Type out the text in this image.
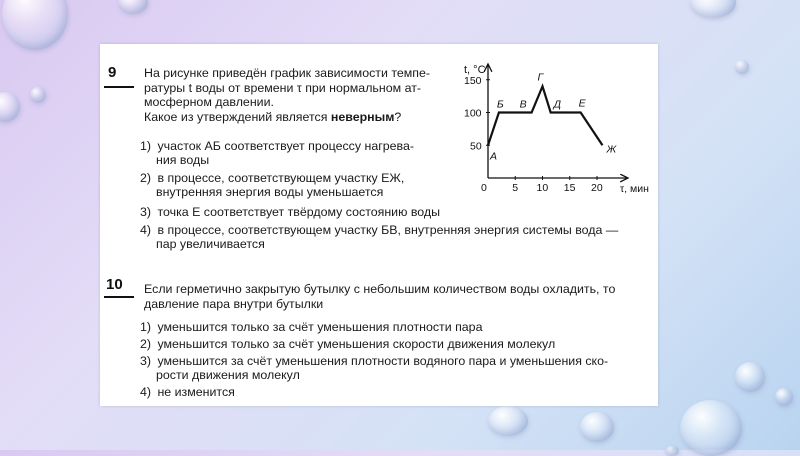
9 На рисунке приведён график зависимости темпе-
ратуры t воды от времени τ при нормальном ат-
мосферном давлении.
Какое из утверждений является неверным?

1) участок АБ соответствует процессу нагрева-
ния воды
2) в процессе, соответствующем участку ЕЖ,
внутренняя энергия воды уменьшается
3) точка Е соответствует твёрдому состоянию воды
4) в процессе, соответствующем участку БВ, внутренняя энергия системы вода —
пар увеличивается
t, °C
τ, мин
0 5 10 15 20
50
100
150
А
Б В
Г
Д Е
Ж
10 Если герметично закрытую бутылку с небольшим количеством воды охладить, то
давление пара внутри бутылки

1) уменьшится только за счёт уменьшения плотности пара
2) уменьшится только за счёт уменьшения скорости движения молекул
3) уменьшится за счёт уменьшения плотности водяного пара и уменьшения ско-
рости движения молекул
4) не изменится
